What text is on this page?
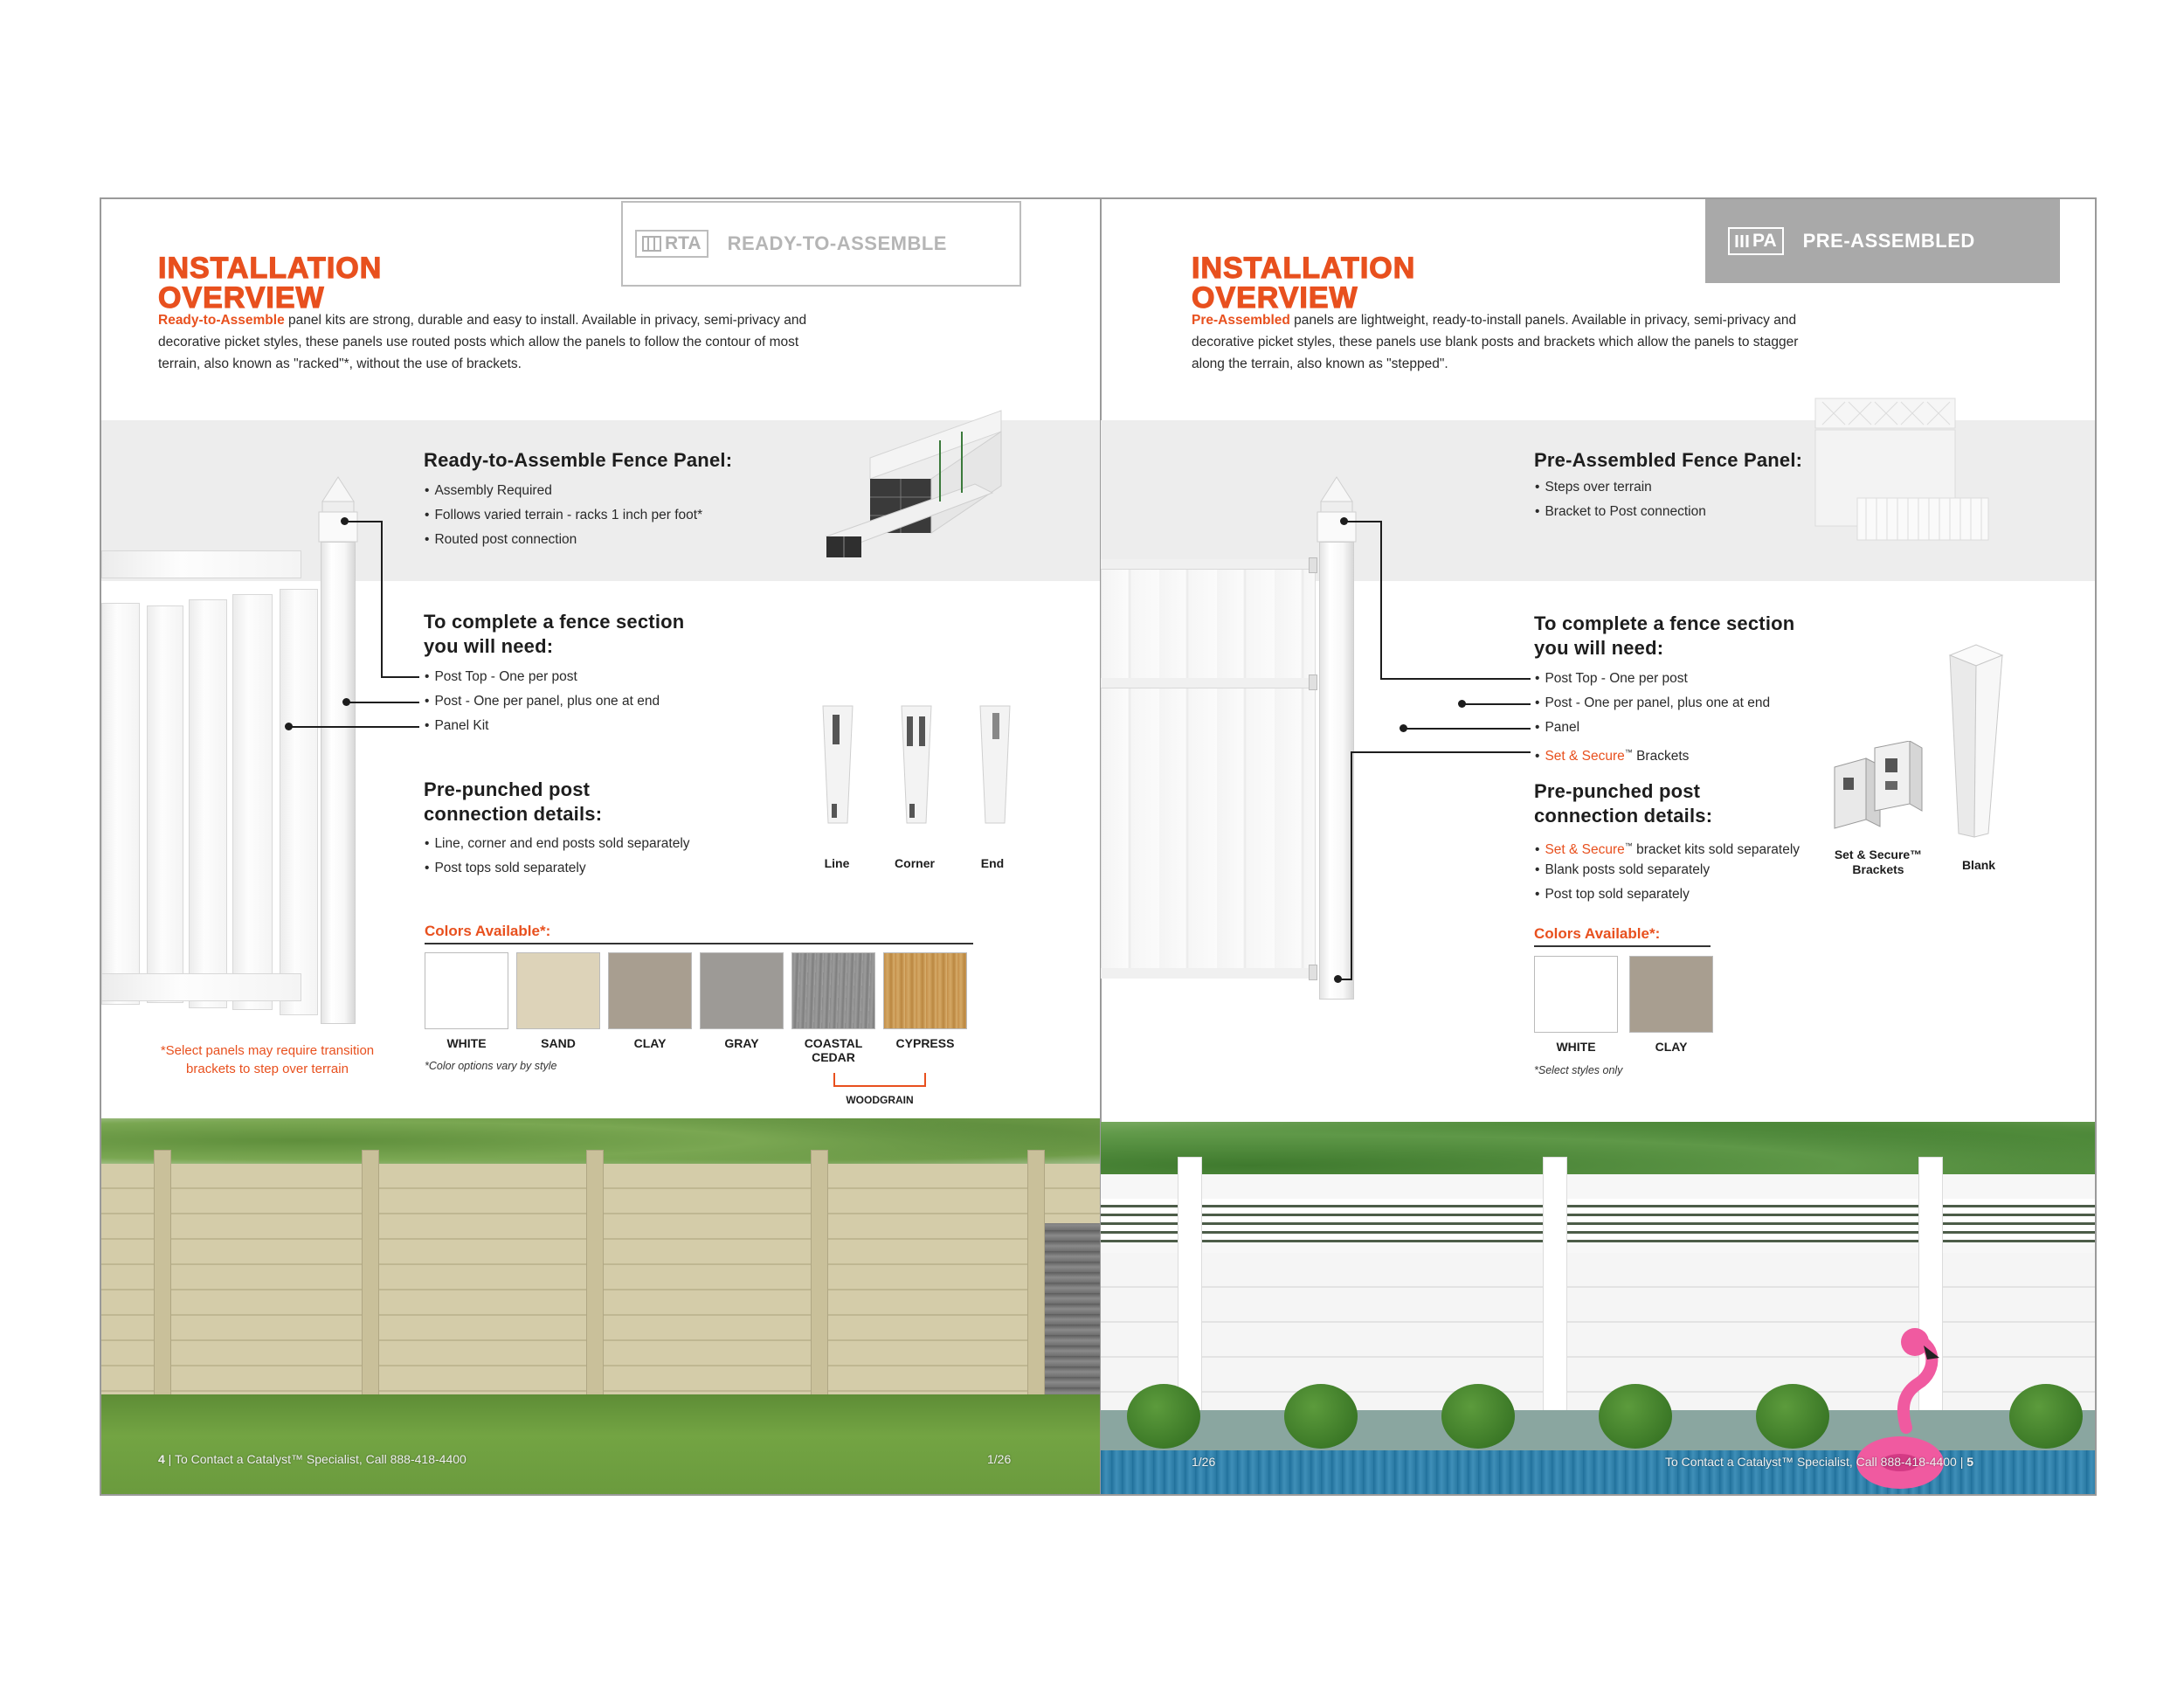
INSTALLATION
OVERVIEW
RTA READY-TO-ASSEMBLE
Ready-to-Assemble panel kits are strong, durable and easy to install. Available in privacy, semi-privacy and
decorative picket styles, these panels use routed posts which allow the panels to follow the contour of most
terrain, also known as "racked"*, without the use of brackets.
Ready-to-Assemble Fence Panel:
• Assembly Required
• Follows varied terrain - racks 1 inch per foot*
• Routed post connection
To complete a fence section
you will need:
• Post Top - One per post
• Post - One per panel, plus one at end
• Panel Kit
Pre-punched post
connection details:
• Line, corner and end posts sold separately
• Post tops sold separately	Line	Corner	End
Colors Available*:
WHITE	SAND	CLAY	GRAY	COASTAL
CEDAR
CYPRESS
WOODGRAIN
*Color options vary by style
*Select panels may require transition
brackets to step over terrain
4 | To Contact a Catalyst™ Specialist, Call 888-418-4400	1/26
INSTALLATION
OVERVIEW
PA PRE-ASSEMBLED
Pre-Assembled panels are lightweight, ready-to-install panels. Available in privacy, semi-privacy and
decorative picket styles, these panels use blank posts and brackets which allow the panels to stagger
along the terrain, also known as "stepped".
Pre-Assembled Fence Panel:
• Steps over terrain
• Bracket to Post connection
To complete a fence section
you will need:
• Post Top - One per post
• Post - One per panel, plus one at end
• Panel
• Set & Secure™ Brackets
Pre-punched post
connection details:
• Set & Secure™ bracket kits sold separately
• Blank posts sold separately
• Post top sold separately
Set & Secure™
Brackets	Blank
Colors Available*:
WHITE	CLAY
*Select styles only
1/26	To Contact a Catalyst™ Specialist, Call 888-418-4400 | 5
